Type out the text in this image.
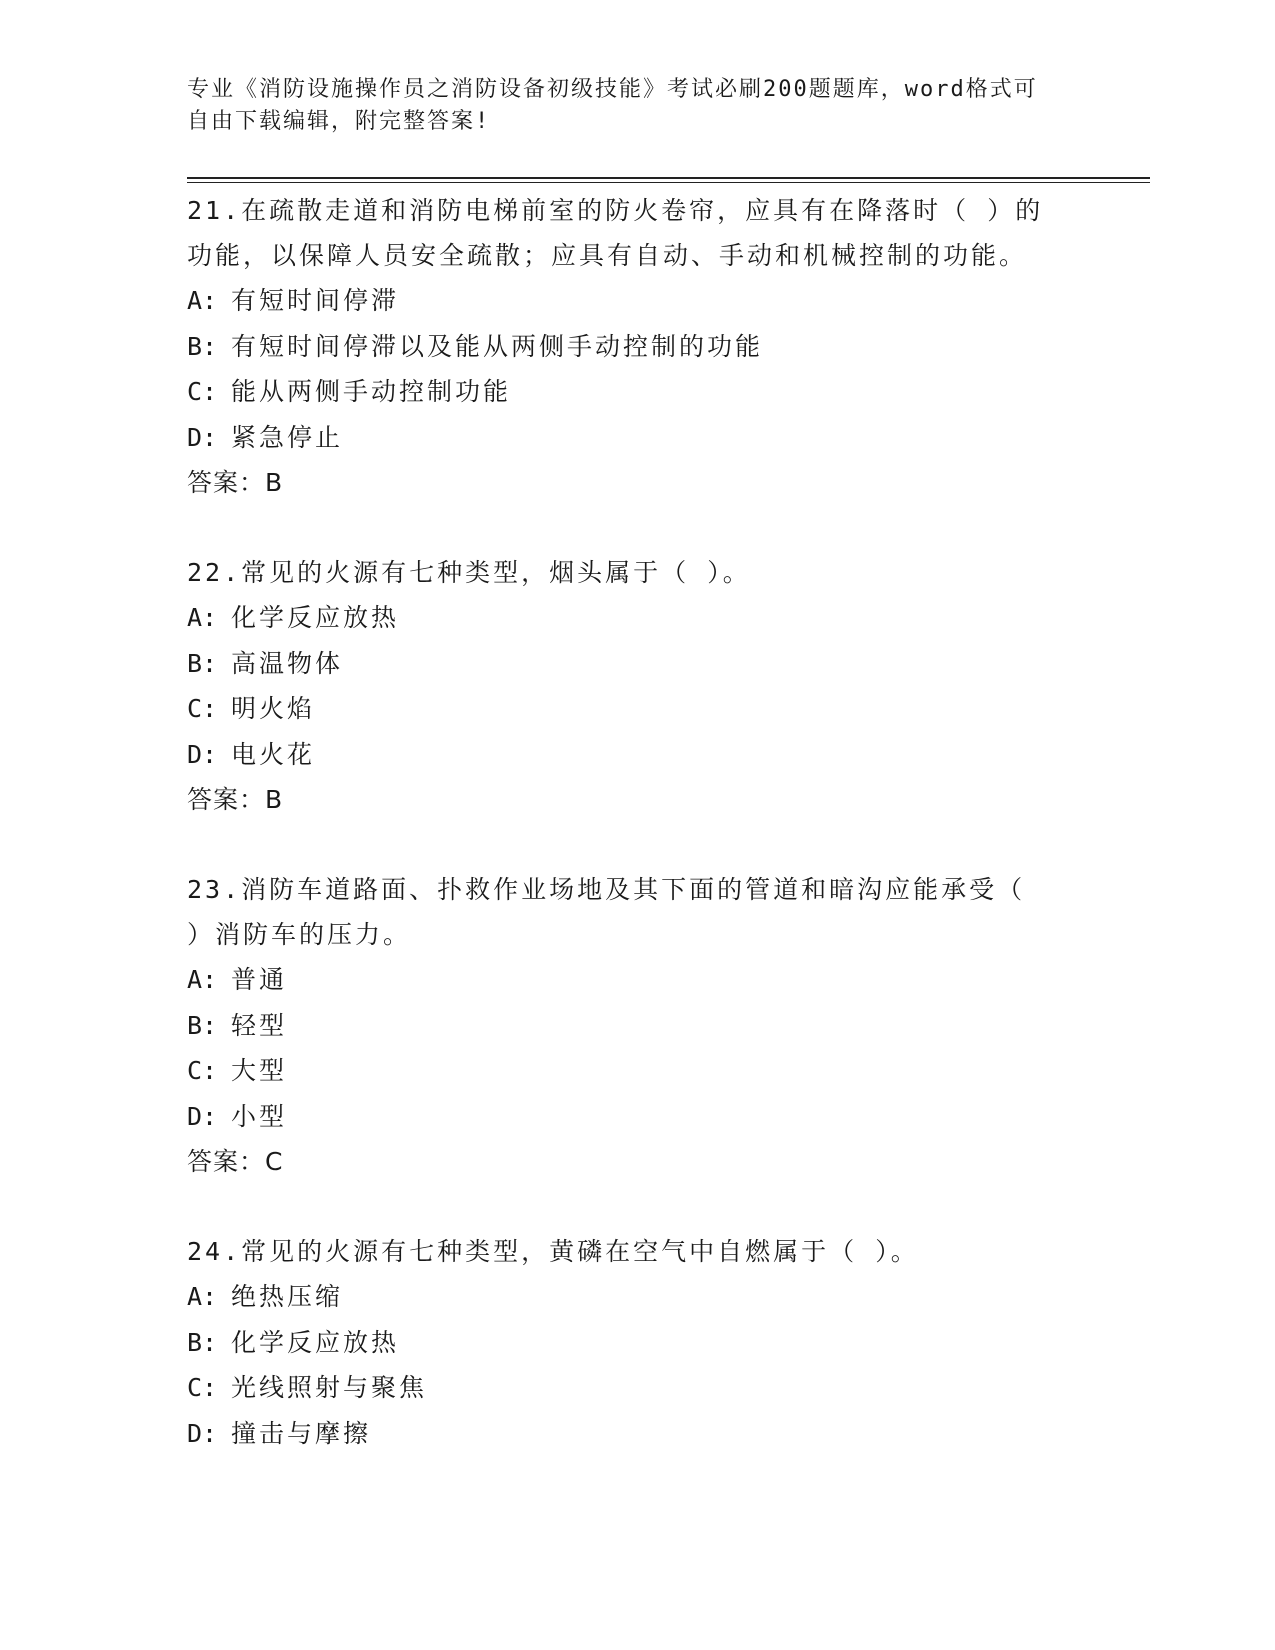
专业《消防设施操作员之消防设备初级技能》考试必刷200题题库，word格式可
自由下载编辑，附完整答案!
21.在疏散走道和消防电梯前室的防火卷帘，应具有在降落时（ ）的
功能，以保障人员安全疏散；应具有自动、手动和机械控制的功能。
A: 有短时间停滞
B: 有短时间停滞以及能从两侧手动控制的功能
C: 能从两侧手动控制功能
D: 紧急停止
答案：B
22.常见的火源有七种类型，烟头属于（ ）。
A: 化学反应放热
B: 高温物体
C: 明火焰
D: 电火花
答案：B
23.消防车道路面、扑救作业场地及其下面的管道和暗沟应能承受（
）消防车的压力。
A: 普通
B: 轻型
C: 大型
D: 小型
答案：C
24.常见的火源有七种类型，黄磷在空气中自燃属于（ ）。
A: 绝热压缩
B: 化学反应放热
C: 光线照射与聚焦
D: 撞击与摩擦
